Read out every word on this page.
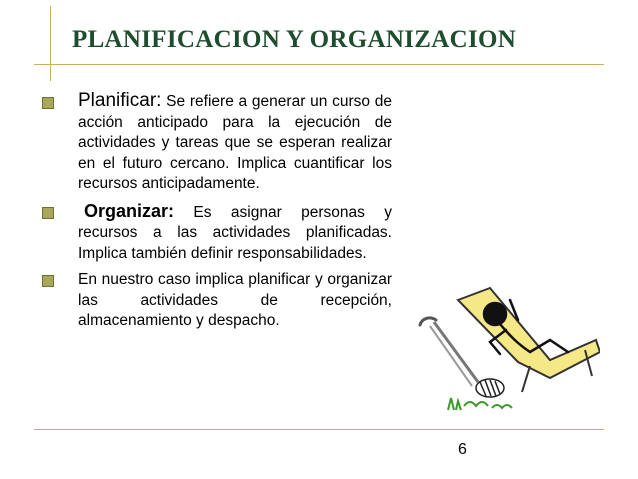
PLANIFICACION Y ORGANIZACION
Planificar: Se refiere a generar un curso de acción anticipado para la ejecución de actividades y tareas que se esperan realizar en el futuro cercano. Implica cuantificar los recursos anticipadamente.
Organizar: Es asignar personas y recursos a las actividades planificadas. Implica también definir responsabilidades.
En nuestro caso implica planificar y organizar las actividades de recepción, almacenamiento y despacho.
6
